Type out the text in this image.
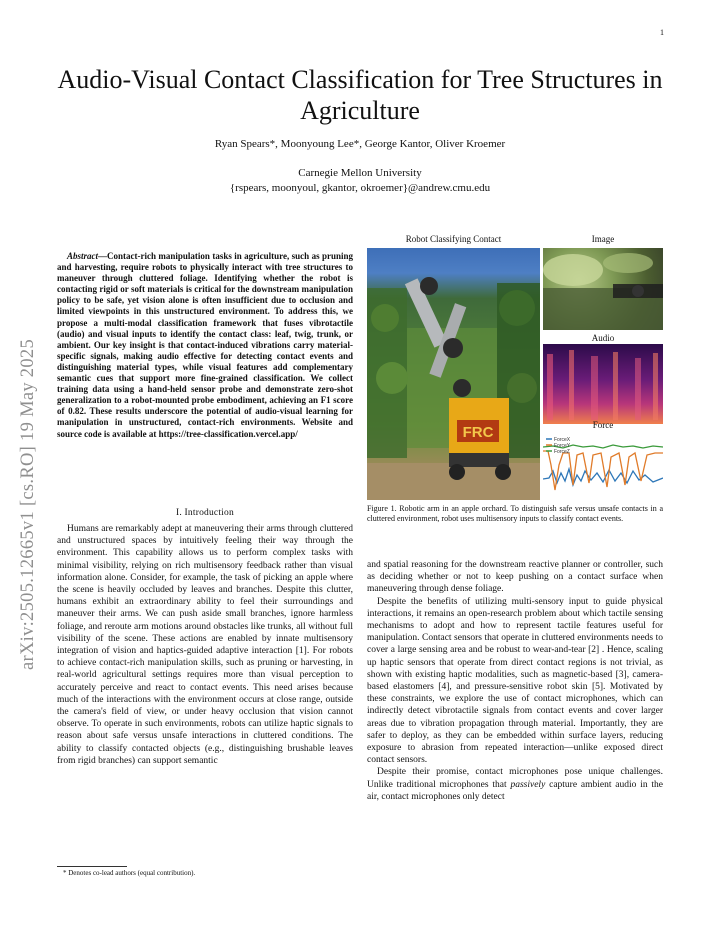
1
arXiv:2505.12665v1 [cs.RO] 19 May 2025
Audio-Visual Contact Classification for Tree Structures in Agriculture
Ryan Spears*, Moonyoung Lee*, George Kantor, Oliver Kroemer
Carnegie Mellon University
{rspears, moonyoul, gkantor, okroemer}@andrew.cmu.edu
Abstract—Contact-rich manipulation tasks in agriculture, such as pruning and harvesting, require robots to physically interact with tree structures to maneuver through cluttered foliage. Identifying whether the robot is contacting rigid or soft materials is critical for the downstream manipulation policy to be safe, yet vision alone is often insufficient due to occlusion and limited viewpoints in this unstructured environment. To address this, we propose a multi-modal classification framework that fuses vibrotactile (audio) and visual inputs to identify the contact class: leaf, twig, trunk, or ambient. Our key insight is that contact-induced vibrations carry material-specific signals, making audio effective for detecting contact events and distinguishing material types, while visual features add complementary semantic cues that support more fine-grained classification. We collect training data using a hand-held sensor probe and demonstrate zero-shot generalization to a robot-mounted probe embodiment, achieving an F1 score of 0.82. These results underscore the potential of audio-visual learning for manipulation in unstructured, contact-rich environments. Website and source code is available at https://tree-classification.vercel.app/
I. Introduction
Humans are remarkably adept at maneuvering their arms through cluttered and unstructured spaces by intuitively feeling their way through the environment. This capability allows us to perform complex tasks with minimal visibility, relying on rich multisensory feedback rather than visual information alone. Consider, for example, the task of picking an apple where the scene is heavily occluded by leaves and branches. Despite this clutter, humans exhibit an extraordinary ability to feel their surroundings and maneuver their arms. We can push aside small branches, ignore harmless foliage, and reroute arm motions around obstacles like trunks, all without full visibility of the scene. These actions are enabled by innate multisensory integration of vision and haptics-guided adaptive interaction [1]. For robots to achieve contact-rich manipulation skills, such as pruning or harvesting, in real-world agricultural settings requires more than visual perception to accurately perceive and react to contact events. This need arises because much of the interactions with the environment occurs at close range, outside the camera's field of view, or under heavy occlusion that vision cannot observe. To operate in such environments, robots can utilize haptic signals to reason about safe versus unsafe interactions in cluttered conditions. The ability to classify contacted objects (e.g., distinguishing brushable leaves from rigid branches) can support semantic
* Denotes co-lead authors (equal contribution).
Robot Classifying Contact	Image
FRC
Audio
Force
ForceX
ForceY
ForceZ
Figure 1. Robotic arm in an apple orchard. To distinguish safe versus unsafe contacts in a cluttered environment, robot uses multisensory inputs to classify contact events.

and spatial reasoning for the downstream reactive planner or controller, such as deciding whether or not to keep pushing on a contact surface when maneuvering through dense foliage.

Despite the benefits of utilizing multi-sensory input to guide physical interactions, it remains an open-research problem about which tactile sensing mechanisms to adopt and how to represent tactile features useful for manipulation. Contact sensors that operate in cluttered environments needs to cover a large sensing area and be robust to wear-and-tear [2] . Hence, scaling up haptic sensors that operate from direct contact regions is not trivial, as shown with existing haptic modalities, such as magnetic-based [3], camera-based elastomers [4], and pressure-sensitive robot skin [5]. Motivated by these constraints, we explore the use of contact microphones, which can indirectly detect vibrotactile signals from contact events and cover larger areas due to vibration propagation through material. Importantly, they are safer to deploy, as they can be embedded within surface layers, reducing exposure to abrasion from repeated interaction—unlike exposed direct contact sensors.

Despite their promise, contact microphones pose unique challenges. Unlike traditional microphones that passively capture ambient audio in the air, contact microphones only detect
